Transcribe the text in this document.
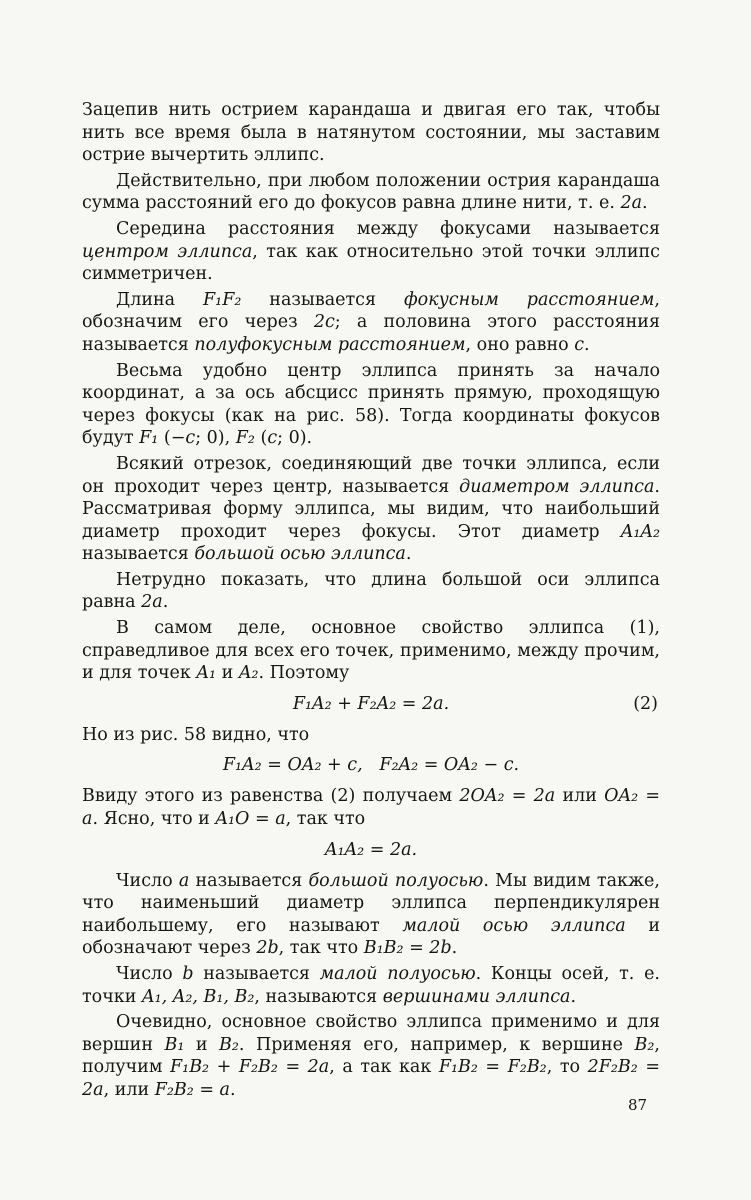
Зацепив нить острием карандаша и двигая его так, чтобы нить все время была в натянутом состоянии, мы заставим острие вычертить эллипс.

Действительно, при любом положении острия карандаша сумма расстояний его до фокусов равна длине нити, т. е. 2a.

Середина расстояния между фокусами называется центром эллипса, так как относительно этой точки эллипс симметричен.

Длина F₁F₂ называется фокусным расстоянием, обозначим его через 2c; а половина этого расстояния называется полуфокусным расстоянием, оно равно c.

Весьма удобно центр эллипса принять за начало координат, а за ось абсцисс принять прямую, проходящую через фокусы (как на рис. 58). Тогда координаты фокусов будут F₁ (−c; 0), F₂ (c; 0).

Всякий отрезок, соединяющий две точки эллипса, если он проходит через центр, называется диаметром эллипса. Рассматривая форму эллипса, мы видим, что наибольший диаметр проходит через фокусы. Этот диаметр A₁A₂ называется большой осью эллипса.

Нетрудно показать, что длина большой оси эллипса равна 2a.

В самом деле, основное свойство эллипса (1), справедливое для всех его точек, применимо, между прочим, и для точек A₁ и A₂. Поэтому

F₁A₂ + F₂A₂ = 2a.	(2)

Но из рис. 58 видно, что

F₁A₂ = OA₂ + c,   F₂A₂ = OA₂ − c.

Ввиду этого из равенства (2) получаем 2OA₂ = 2a или OA₂ = a. Ясно, что и A₁O = a, так что

A₁A₂ = 2a.

Число a называется большой полуосью. Мы видим также, что наименьший диаметр эллипса перпендикулярен наибольшему, его называют малой осью эллипса и обозначают через 2b, так что B₁B₂ = 2b.

Число b называется малой полуосью. Концы осей, т. е. точки A₁, A₂, B₁, B₂, называются вершинами эллипса.

Очевидно, основное свойство эллипса применимо и для вершин B₁ и B₂. Применяя его, например, к вершине B₂, получим F₁B₂ + F₂B₂ = 2a, а так как F₁B₂ = F₂B₂, то 2F₂B₂ = 2a, или F₂B₂ = a.

87
